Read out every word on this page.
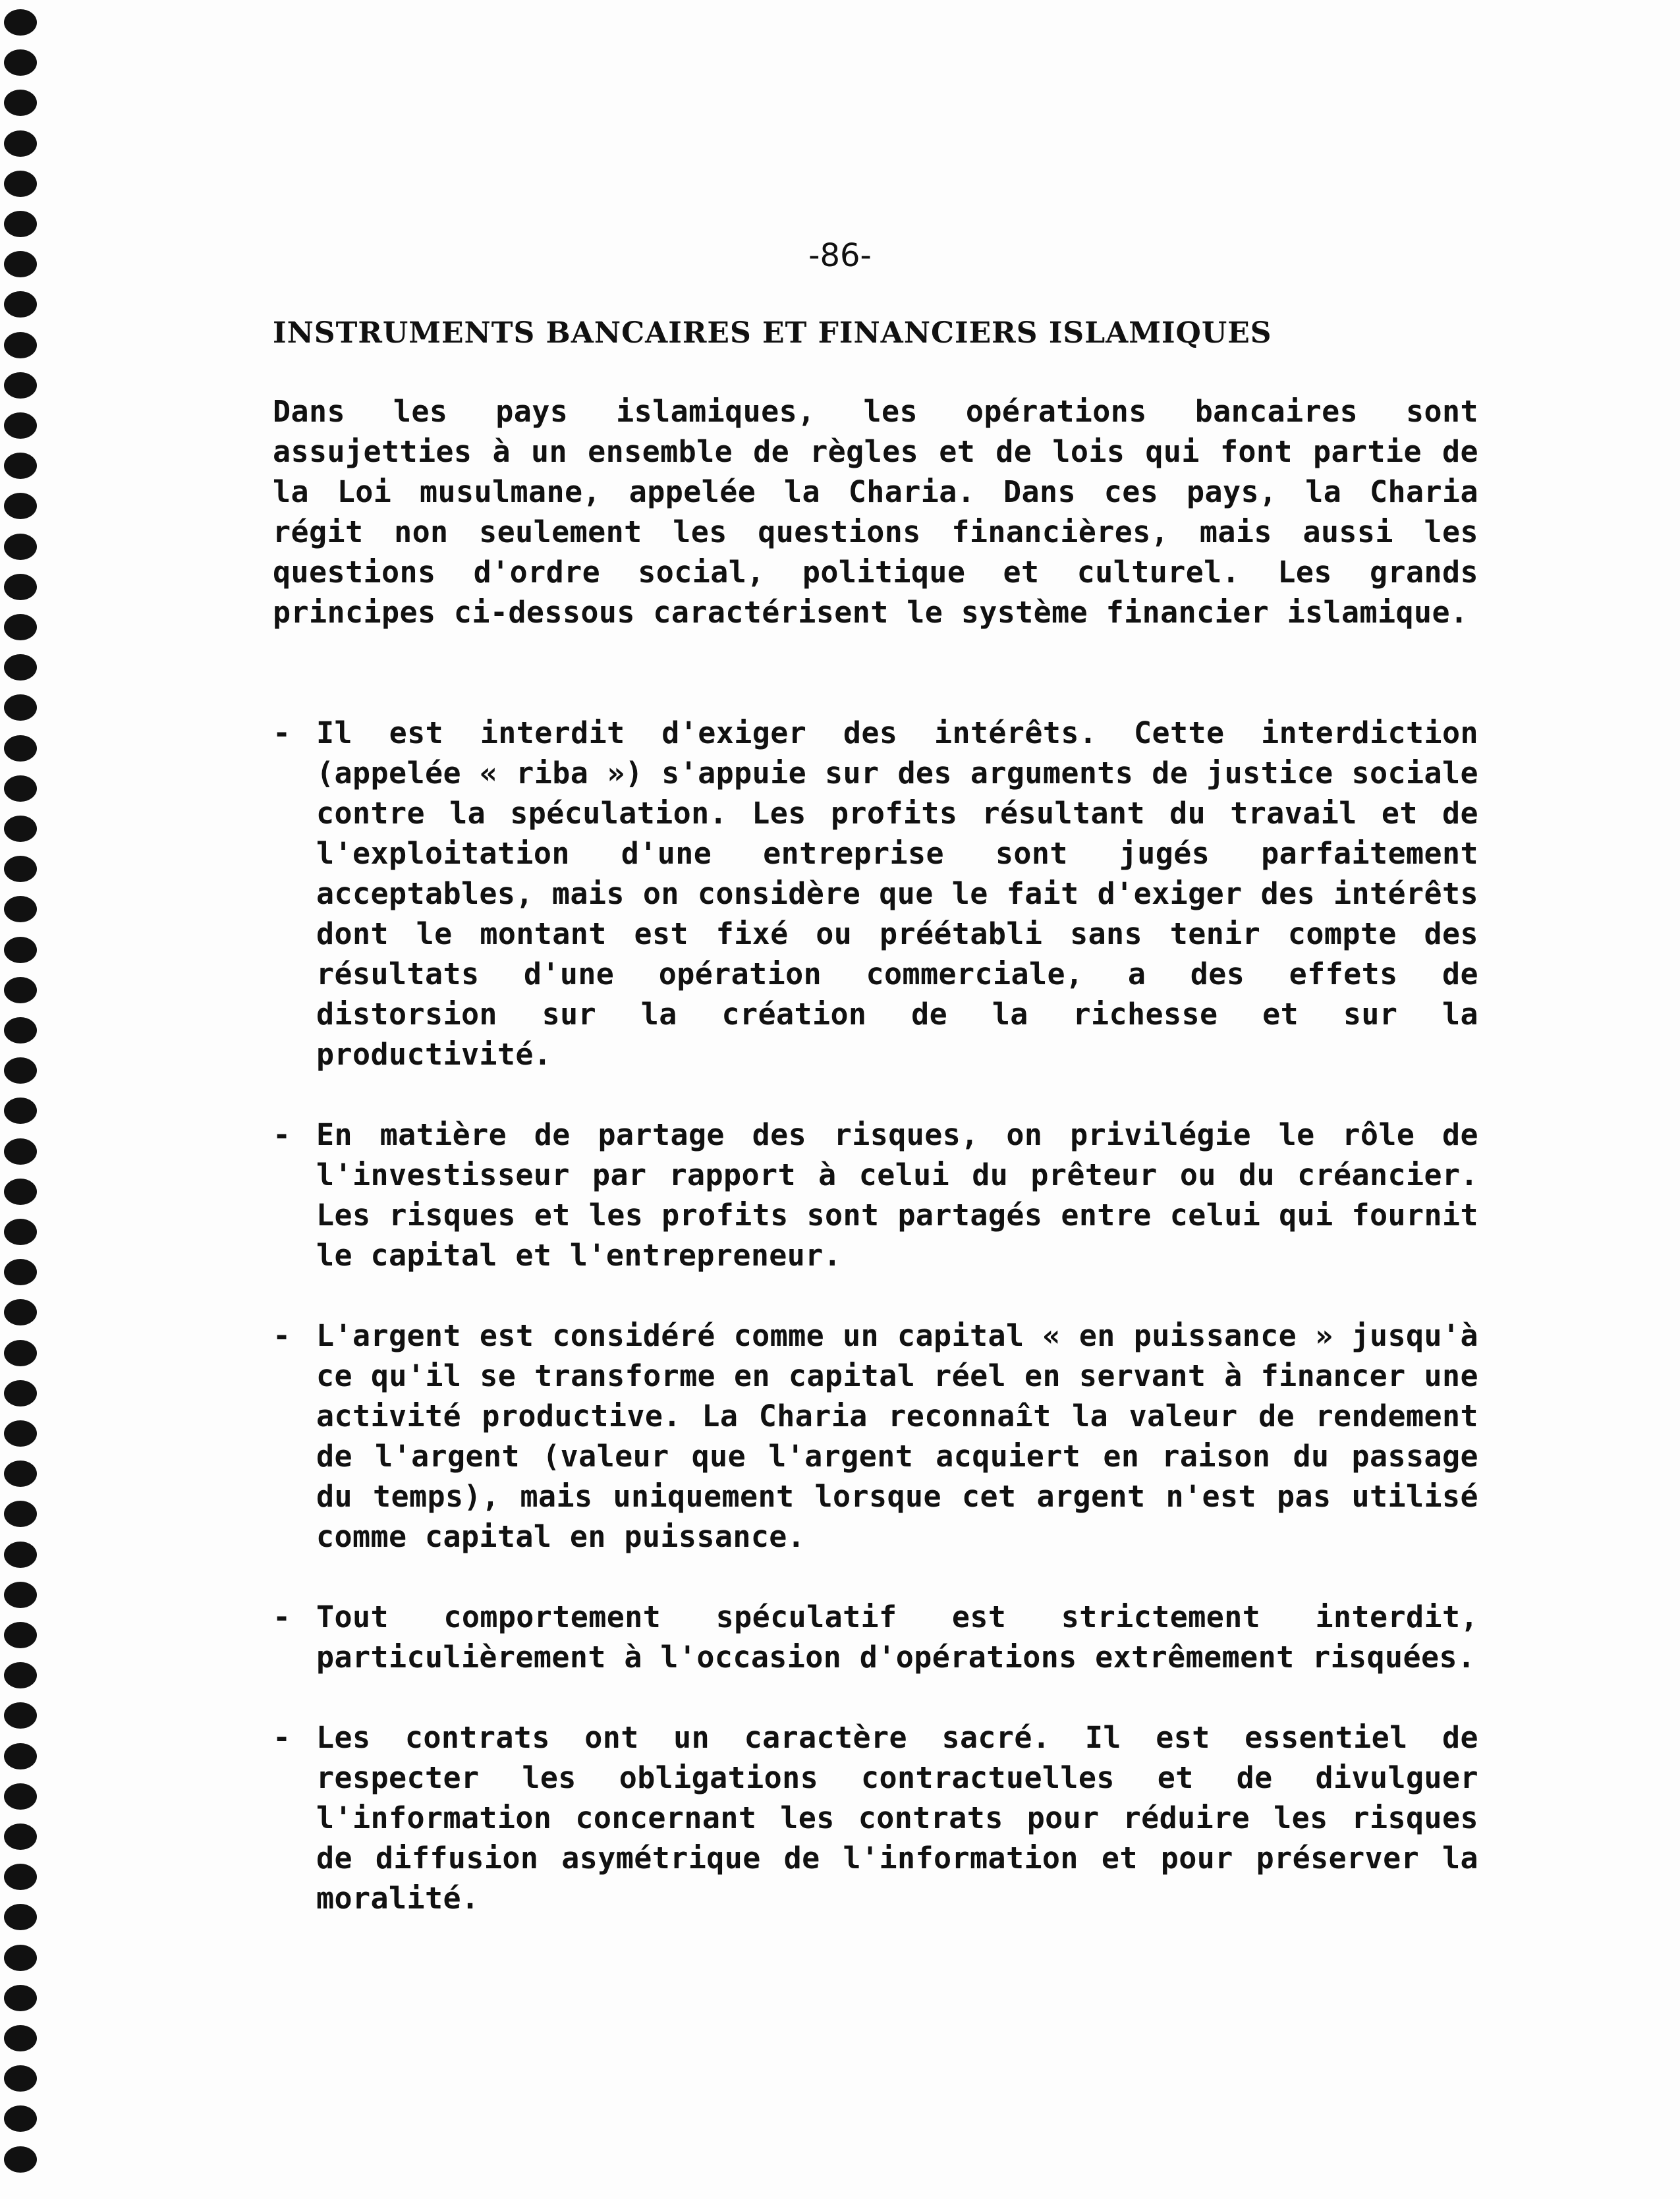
-86-
INSTRUMENTS BANCAIRES ET FINANCIERS ISLAMIQUES

Dans les pays islamiques, les opérations bancaires sont assujetties à un ensemble de règles et de lois qui font partie de la Loi musulmane, appelée la Charia. Dans ces pays, la Charia régit non seulement les questions financières, mais aussi les questions d'ordre social, politique et culturel. Les grands principes ci-dessous caractérisent le système financier islamique.

- Il est interdit d'exiger des intérêts. Cette interdiction (appelée « riba ») s'appuie sur des arguments de justice sociale contre la spéculation. Les profits résultant du travail et de l'exploitation d'une entreprise sont jugés parfaitement acceptables, mais on considère que le fait d'exiger des intérêts dont le montant est fixé ou préétabli sans tenir compte des résultats d'une opération commerciale, a des effets de distorsion sur la création de la richesse et sur la productivité.
- En matière de partage des risques, on privilégie le rôle de l'investisseur par rapport à celui du prêteur ou du créancier. Les risques et les profits sont partagés entre celui qui fournit le capital et l'entrepreneur.
- L'argent est considéré comme un capital « en puissance » jusqu'à ce qu'il se transforme en capital réel en servant à financer une activité productive. La Charia reconnaît la valeur de rendement de l'argent (valeur que l'argent acquiert en raison du passage du temps), mais uniquement lorsque cet argent n'est pas utilisé comme capital en puissance.
- Tout comportement spéculatif est strictement interdit, particulièrement à l'occasion d'opérations extrêmement risquées.
- Les contrats ont un caractère sacré. Il est essentiel de respecter les obligations contractuelles et de divulguer l'information concernant les contrats pour réduire les risques de diffusion asymétrique de l'information et pour préserver la moralité.
